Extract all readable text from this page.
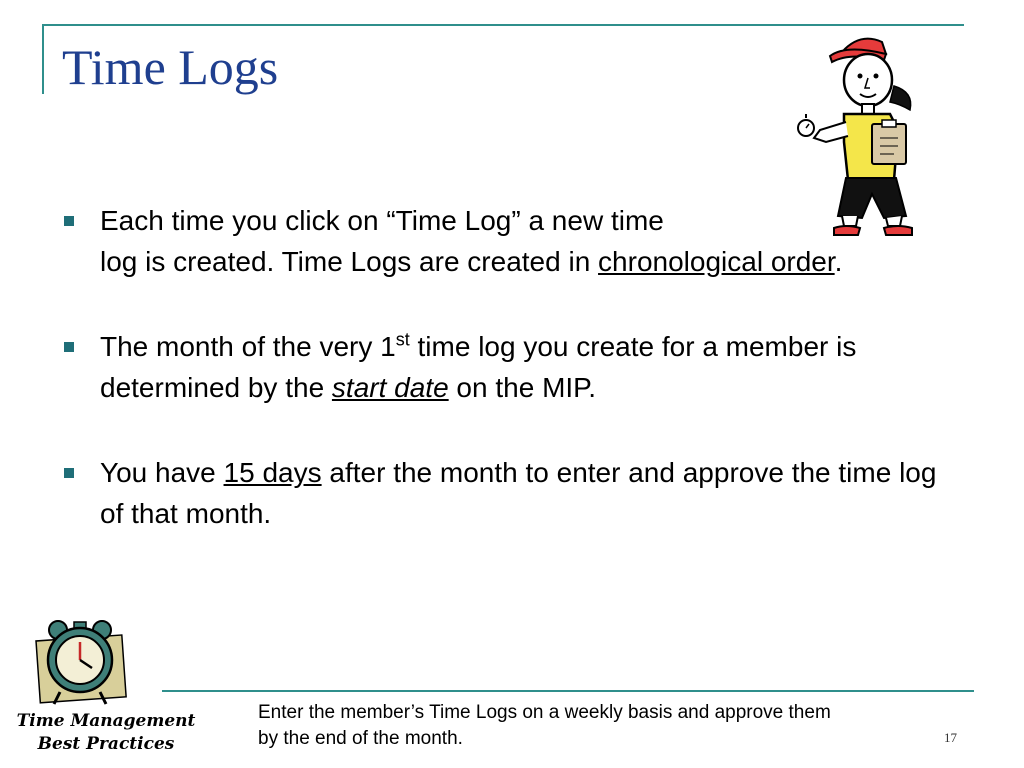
Time Logs
Each time you click on “Time Log” a new time
log is created. Time Logs are created in chronological order.
The month of the very 1st time log you create for a member is determined by the start date on the MIP.
You have 15 days after the month to enter and approve the time log of that month.
Time Management
Best Practices
Enter the member’s Time Logs on a weekly basis and approve them by the end of the month.	17
